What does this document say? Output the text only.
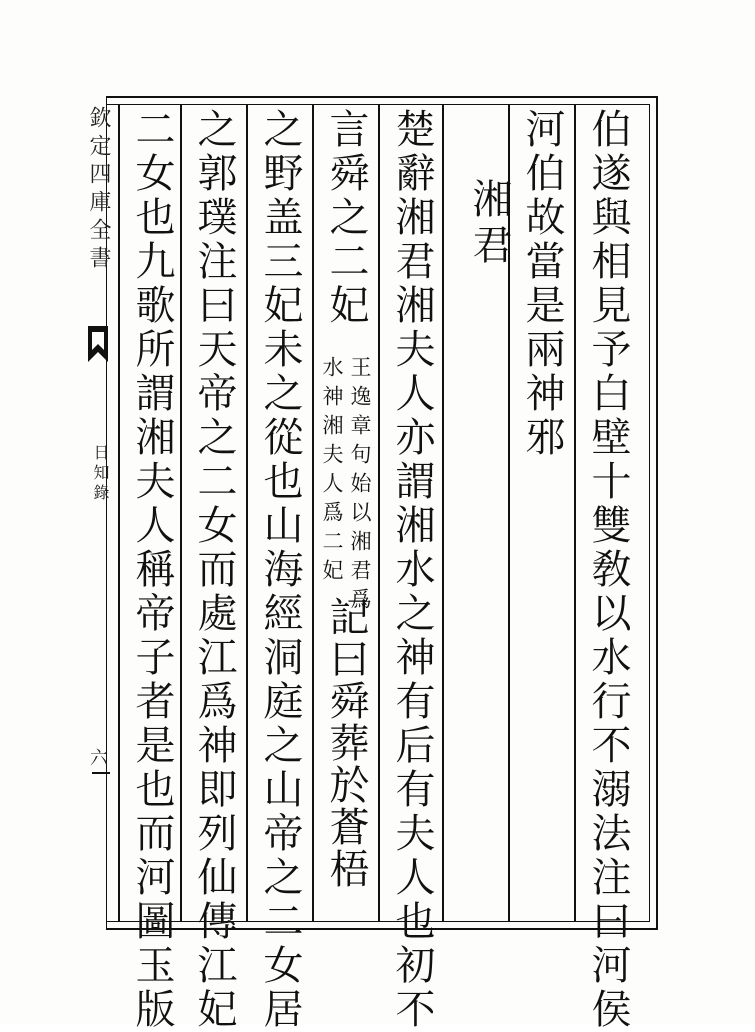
欽定四庫全書
日知錄
六	伯遂與相見予白壁十雙敎以水行不溺法注曰河侯
河伯故當是兩神邪
湘君
楚辭湘君湘夫人亦謂湘水之神有后有夫人也初不
言舜之二妃
王逸章句始以湘君爲
水神湘夫人爲二妃
記曰舜葬於蒼梧
之野盖三妃未之從也山海經洞庭之山帝之二女居
之郭璞注曰天帝之二女而處江爲神即列仙傳江妃
二女也九歌所謂湘夫人稱帝子者是也而河圖玉版
